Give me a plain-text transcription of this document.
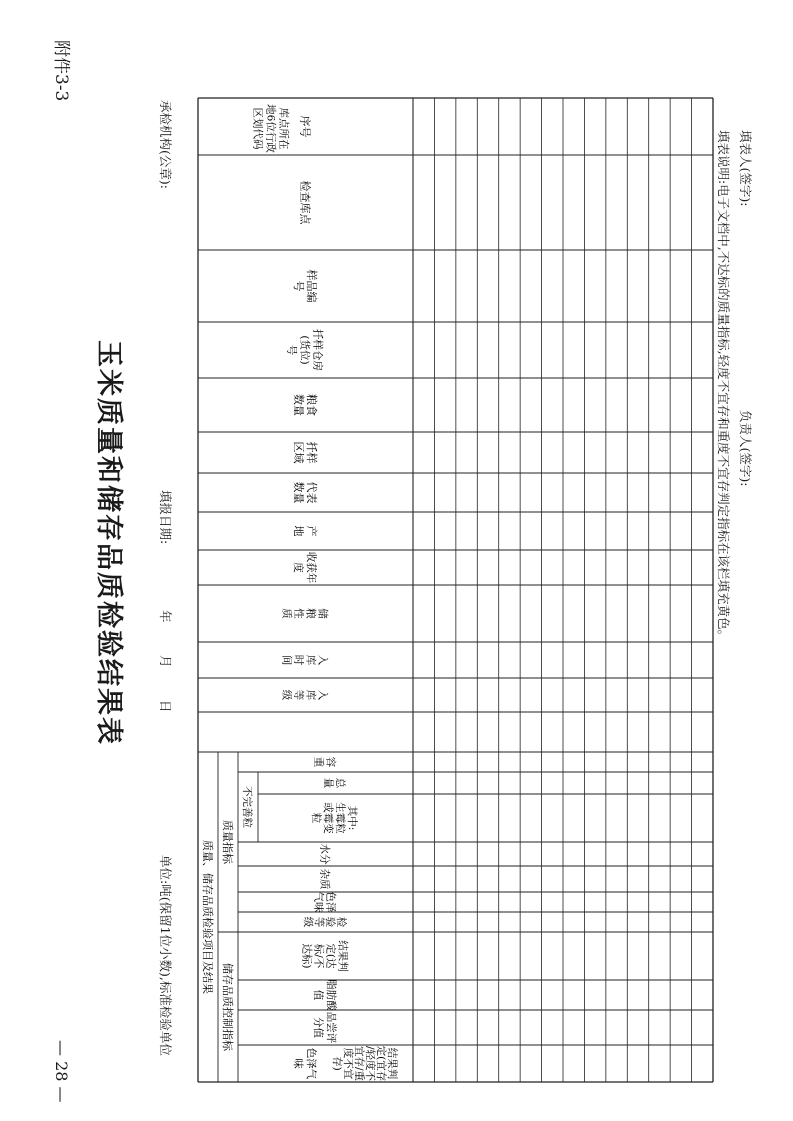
附件3-3
玉米质量和储存品质检验结果表
— 28 —
承检机构(公章):
填报日期:
年
月
日
单位:吨(保留1位小数),标准检验单位
序号
库点所在地6位行政区划代码
检查库点
样品编号
扦样仓房(货位)号
粮食数量
扦样区域
代表数量
产地
收获年度
储粮性质
入库时间
入库等级
质量、储存品质检验项目及结果 质量指标
储存品质控制指标
容重
不完善粒
总量
其中:生霉粒或霉变粒
水分
杂质
色泽气味
检验等级
结果判定(达标/不达标)
脂肪酸值
品尝评分值
色泽气味	结果判定(宜存/轻度不宜存/重度不宜存)
填表人(签字):
负责人(签字):
填表说明:电子文档中,不达标的质量指标,轻度不宜存和重度不宜存判定指标在该栏填充黄色。
